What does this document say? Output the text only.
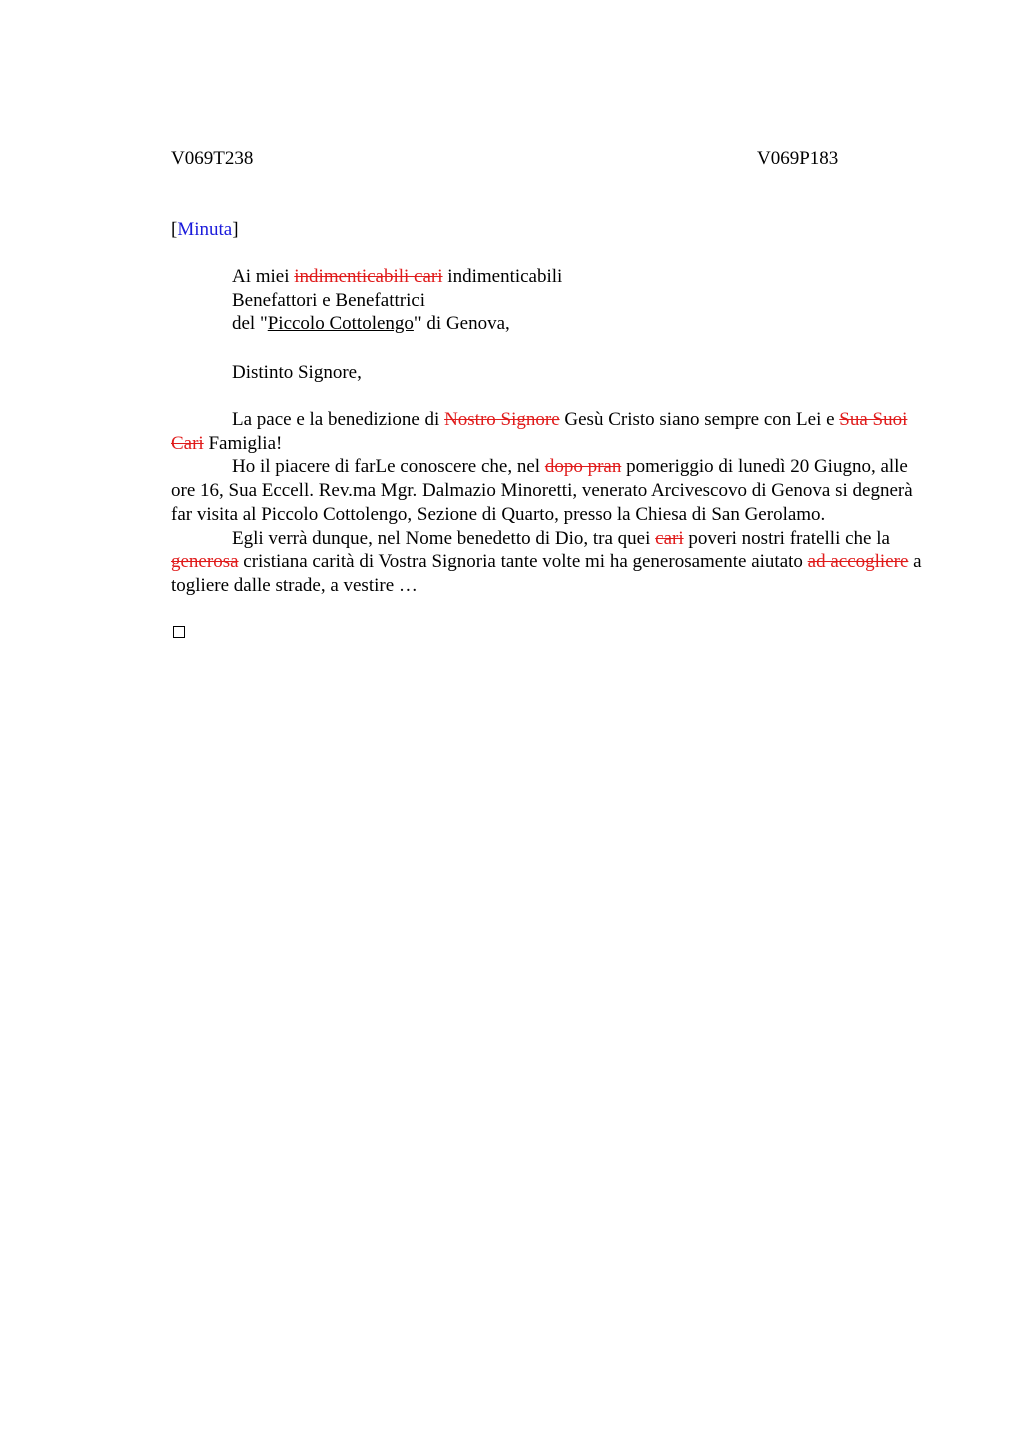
V069T238	V069P183
[Minuta]
Ai miei indimenticabili cari indimenticabili
Benefattori e Benefattrici
del "Piccolo Cottolengo" di Genova,
Distinto Signore,

La pace e la benedizione di Nostro Signore Gesù Cristo siano sempre con Lei e Sua Suoi Cari Famiglia!

Ho il piacere di farLe conoscere che, nel dopo pran pomeriggio di lunedì 20 Giugno, alle ore 16, Sua Eccell. Rev.ma Mgr. Dalmazio Minoretti, venerato Arcivescovo di Genova si degnerà far visita al Piccolo Cottolengo, Sezione di Quarto, presso la Chiesa di San Gerolamo.

Egli verrà dunque, nel Nome benedetto di Dio, tra quei cari poveri nostri fratelli che la generosa cristiana carità di Vostra Signoria tante volte mi ha generosamente aiutato ad accogliere a togliere dalle strade, a vestire …
